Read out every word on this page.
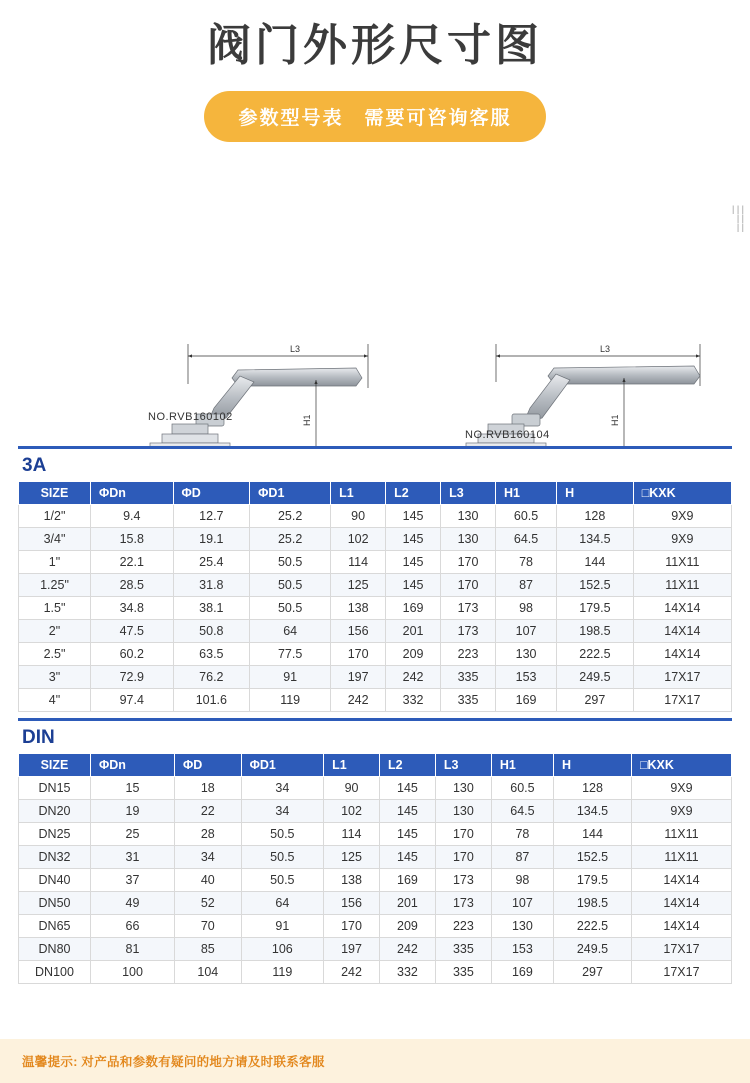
阀门外形尺寸图
参数型号表　需要可咨询客服
L3
H1
L3
H1
NO.RVB160102
NO.RVB160104
| | |
| |
| |
3A
SIZE	ΦDn	ΦD	ΦD1	L1	L2	L3	H1	H	□KXK
1/2"	9.4	12.7	25.2	90	145	130	60.5	128	9X9
3/4"	15.8	19.1	25.2	102	145	130	64.5	134.5	9X9
1"	22.1	25.4	50.5	114	145	170	78	144	11X11
1.25"	28.5	31.8	50.5	125	145	170	87	152.5	11X11
1.5"	34.8	38.1	50.5	138	169	173	98	179.5	14X14
2"	47.5	50.8	64	156	201	173	107	198.5	14X14
2.5"	60.2	63.5	77.5	170	209	223	130	222.5	14X14
3"	72.9	76.2	91	197	242	335	153	249.5	17X17
4"	97.4	101.6	119	242	332	335	169	297	17X17
DIN
SIZE	ΦDn	ΦD	ΦD1	L1	L2	L3	H1	H	□KXK
DN15	15	18	34	90	145	130	60.5	128	9X9
DN20	19	22	34	102	145	130	64.5	134.5	9X9
DN25	25	28	50.5	114	145	170	78	144	11X11
DN32	31	34	50.5	125	145	170	87	152.5	11X11
DN40	37	40	50.5	138	169	173	98	179.5	14X14
DN50	49	52	64	156	201	173	107	198.5	14X14
DN65	66	70	91	170	209	223	130	222.5	14X14
DN80	81	85	106	197	242	335	153	249.5	17X17
DN100	100	104	119	242	332	335	169	297	17X17
温馨提示: 对产品和参数有疑问的地方请及时联系客服
